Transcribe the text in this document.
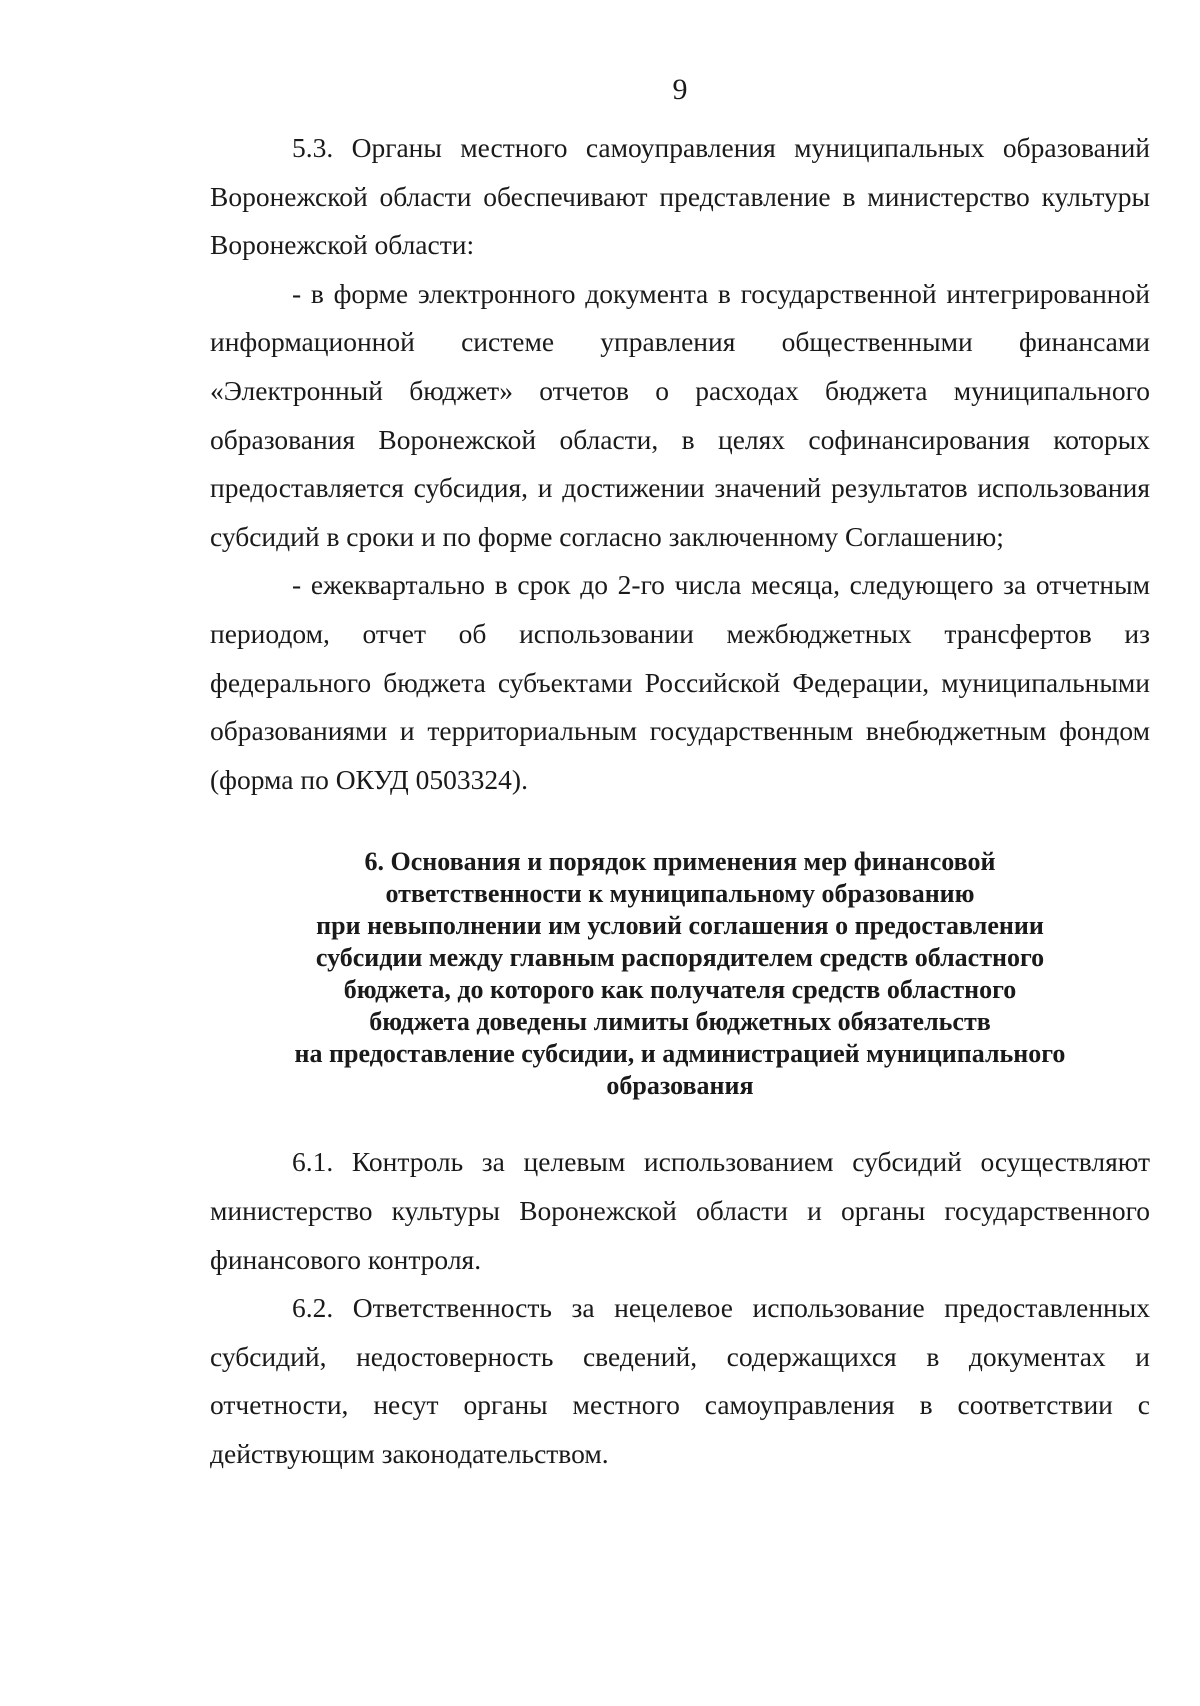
9

5.3. Органы местного самоуправления муниципальных образований Воронежской области обеспечивают представление в министерство культуры Воронежской области:

- в форме электронного документа в государственной интегрированной информационной системе управления общественными финансами «Электронный бюджет» отчетов о расходах бюджета муниципального образования Воронежской области, в целях софинансирования которых предоставляется субсидия, и достижении значений результатов использования субсидий в сроки и по форме согласно заключенному Соглашению;

- ежеквартально в срок до 2-го числа месяца, следующего за отчетным периодом, отчет об использовании межбюджетных трансфертов из федерального бюджета субъектами Российской Федерации, муниципальными образованиями и территориальным государственным внебюджетным фондом (форма по ОКУД 0503324).

6. Основания и порядок применения мер финансовой
ответственности к муниципальному образованию
при невыполнении им условий соглашения о предоставлении
субсидии между главным распорядителем средств областного
бюджета, до которого как получателя средств областного
бюджета доведены лимиты бюджетных обязательств
на предоставление субсидии, и администрацией муниципального
образования

6.1. Контроль за целевым использованием субсидий осуществляют министерство культуры Воронежской области и органы государственного финансового контроля.

6.2. Ответственность за нецелевое использование предоставленных субсидий, недостоверность сведений, содержащихся в документах и отчетности, несут органы местного самоуправления в соответствии с действующим законодательством.
